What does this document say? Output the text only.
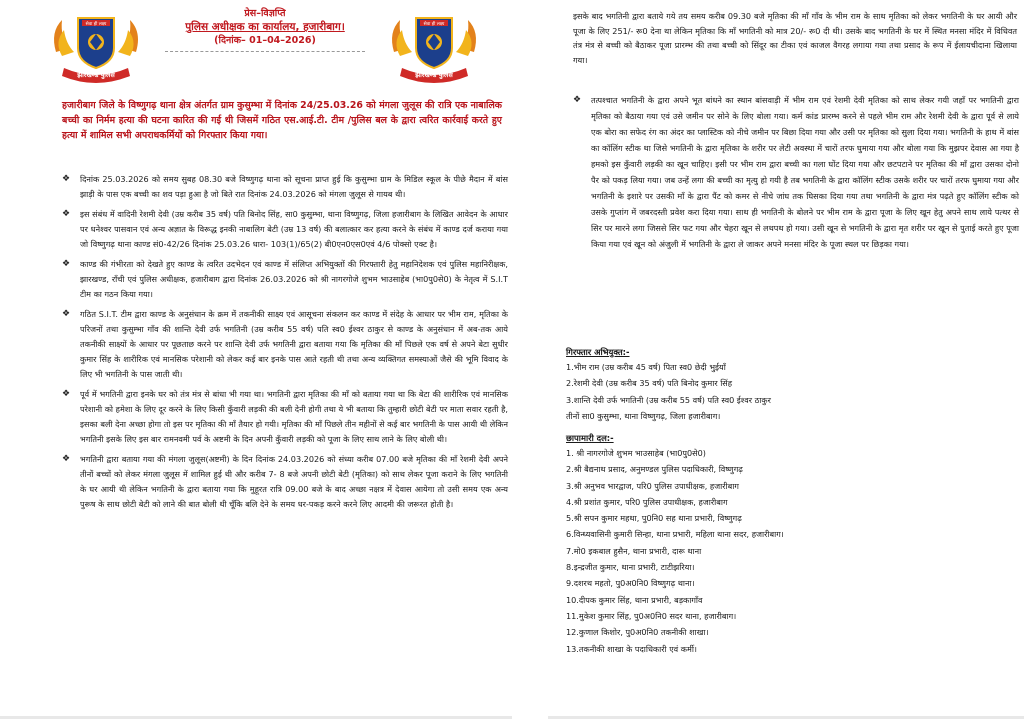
सेवा ही लक्ष्य
झारखण्ड पुलिस
प्रेस–विज्ञप्ति
पुलिस अधीक्षक का कार्यालय, हजारीबाग।
(दिनांक– 01–04–2026)
सेवा ही लक्ष्य
झारखण्ड पुलिस
हजारीबाग जिले के विष्णुगढ़ थाना क्षेत्र अंतर्गत ग्राम कुसुम्भा में दिनांक 24/25.03.26 को मंगला जुलूस की रात्रि एक नाबालिक बच्ची का निर्मम हत्या की घटना कारित की गई थी जिसमें गठित एस.आई.टी. टीम /पुलिस बल के द्वारा त्वरित कार्रवाई करते हुए हत्या में शामिल सभी अपराधकर्मियों को गिरफ्तार किया गया।
❖ दिनांक 25.03.2026 को समय सुबह 08.30 बजे विष्णुगढ़ थाना को सूचना प्राप्त हुई कि कुसुम्भा ग्राम के मिडिल स्कूल के पीछे मैदान में बांस झाड़ी के पास एक बच्ची का शव पड़ा हुआ है जो बिते रात दिनांक 24.03.2026 को मंगला जुलूस से गायब थी।
❖ इस संबंध में वादिनी रेशमी देवी (उम्र करीब 35 वर्ष) पति बिनोद सिंह, सा0 कुसुम्भा, थाना विष्णुगढ़, जिला हजारीबाग के लिखित आवेदन के आधार पर धनेश्वर पासवान एवं अन्य अज्ञात के विरूद्ध इनकी नाबालिग बेटी (उम्र 13 वर्ष) की बलात्कार कर हत्या करने के संबंध में काण्ड दर्ज कराया गया जो विष्णुगढ़ थाना काण्ड सं0-42/26 दिनांक 25.03.26 धारा- 103(1)/65(2) बी0एन0एस0एवं 4/6 पोक्सो एक्ट है।
❖ काण्ड की गंभीरता को देखते हुए काण्ड के त्वरित उदभेदन एवं काण्ड में संलिप्त अभियुक्तों की गिरफ्तारी हेतु महानिदेशक एवं पुलिस महानिरीक्षक, झारखण्ड, राँची एवं पुलिस अधीक्षक, हजारीबाग द्वारा दिनांक 26.03.2026 को श्री नागरगोजे शुभम भाउसाहेब (भा0पु0से0) के नेतृत्व में S.I.T टीम का गठन किया गया।
❖ गठित S.I.T. टीम द्वारा काण्ड के अनुसंधान के क्रम में तकनीकी साक्ष्य एवं आसूचना संकलन कर काण्ड में संदेह के आधार पर भीम राम, मृतिका के परिजनों तथा कुसुम्भा गाँव की शान्ति देवी उर्फ भगतिनी (उम्र करीब 55 वर्ष) पति स्व0 ईश्वर ठाकुर से काण्ड के अनुसंधान में अब-तक आये तकनीकी साक्ष्यों के आधार पर पूछताछ करने पर शान्ति देवी उर्फ भगतिनी द्वारा बताया गया कि मृतिका की माँ पिछले एक वर्ष से अपने बेटा सुधीर कुमार सिंह के शारीरिक एवं मानसिक परेशानी को लेकर कई बार इनके पास आते रहती थी तथा अन्य व्यक्तिगत समस्याओं जैसे की भूमि विवाद के लिए भी भगतिनी के पास जाती थी।
❖ पूर्व में भगतिनी द्वारा इनके घर को तंत्र मंत्र से बांधा भी गया था। भगतिनी द्वारा मृतिका की माँ को बताया गया था कि बेटा की शारीरिक एवं मानसिक परेशानी को हमेशा के लिए दूर करने के लिए किसी कुँवारी लड़की की बली देनी होगी तथा ये भी बताया कि तुम्हारी छोटी बेटी पर माता सवार रहती है, इसका बली देना अच्छा होगा तो इस पर मृतिका की माँ तैयार हो गयी। मृतिका की माँ पिछले तीन महीनों से कई बार भगतिनी के पास आयी थी लेकिन भगतिनी इसके लिए इस बार रामनवमी पर्व के अष्टमी के दिन अपनी कुँवारी लड़की को पूजा के लिए साथ लाने के लिए बोली थी।
❖ भगतिनी द्वारा बताया गया की मंगला जुलूस(अष्टमी) के दिन दिनांक 24.03.2026 को संध्या करीब 07.00 बजे मृतिका की माँ रेशमी देवी अपने तीनों बच्चों को लेकर मंगला जुलूस में शामिल हुई थी और करीब 7- 8 बजे अपनी छोटी बेटी (मृतिका) को साथ लेकर पूजा कराने के लिए भगतिनी के घर आयी थी लेकिन भगतिनी के द्वारा बताया गया कि मुहूरत रात्रि 09.00 बजे के बाद अच्छा नक्षत्र में देवास आयेगा तो उसी समय एक अन्य पुरूष के साथ छोटी बेटी को लाने की बात बोली थी चूँकि बलि देने के समय धर-पकड़ करने करने लिए आदमी की जरूरत होती है।

इसके बाद भगतिनी द्वारा बताये गये तय समय करीब 09.30 बजे मृतिका की माँ गाँव के भीम राम के साथ मृतिका को लेकर भगतिनी के घर आयी और पूजा के लिए 251/- रू0 देना था लेकिन मृतिका कि माँ भगतिनी को मात्र 20/- रू0 दी थी। उसके बाद भगतिनी के घर में स्थित मनसा मंदिर में विधिवत तंत्र मंत्र से बच्ची को बैठाकर पूजा प्रारम्भ की तथा बच्ची को सिंदूर का टीका एवं काजल वैगरह लगाया गया तथा प्रसाद के रूप में ईलायचीदाना खिलाया गया।

❖ तत्पश्चात भगतिनी के द्वारा अपने भूत बांधने का स्थान बांसवाड़ी में भीम राम एवं रेशमी देवी मृतिका को साथ लेकर गयी जहाँ पर भगतिनी द्वारा मृतिका को बैठाया गया एवं उसे जमीन पर सोने के लिए बोला गया। कर्म कांड प्रारम्भ करने से पहले भीम राम और रेशमी देवी के द्वारा पूर्व से लाये एक बोरा का सफेद रंग का अंदर का प्लास्टिक को नीचे जमीन पर बिछा दिया गया और उसी पर मृतिका को सुला दिया गया। भगतिनी के हाथ में बांस का कॉलिंग स्टीक था जिसे भगतिनी के द्वारा मृतिका के शरीर पर लेटी अवस्था में चारों तरफ घुमाया गया और बोला गया कि मुझपर देवास आ गया है हमको इस कुँवारी लड़की का खून चाहिए। इसी पर भीम राम द्वारा बच्ची का गला घोंट दिया गया और छटपटाने पर मृतिका की माँ द्वारा उसका दोनो पैर को पकड़ लिया गया। जब उन्हें लगा की बच्ची का मृत्यु हो गयी है तब भगतिनी के द्वारा कॉलिंग स्टीक उसके शरीर पर चारों तरफ घुमाया गया और भगतिनी के इशारे पर उसकी माँ के द्वारा पैंट को कमर से नीचे जांघ तक घिसका दिया गया तथा भगतिनी के द्वारा मंत्र पढ़ते हुए कॉलिंग स्टीक को उसके गुप्तांग में जबरदस्ती प्रवेश करा दिया गया। साथ ही भगतिनी के बोलने पर भीम राम के द्वारा पूजा के लिए खून हेतु अपने साथ लाये पत्थर से सिर पर मारने लगा जिससे सिर फट गया और चेहरा खून से लथपथ हो गया। उसी खून से भगतिनी के द्वारा मृत शरीर पर खून से पुताई करते हुए पूजा किया गया एवं खून को अंजुली में भगतिनी के द्वारा ले जाकर अपने मनसा मंदिर के पूजा स्थल पर छिड़का गया।

गिरफ्तार अभियुक्त:-

1.भीम राम (उम्र करीब 45 वर्ष) पिता स्व0 छेदी भुईयाँ
2.रेशमी देवी (उम्र करीब 35 वर्ष) पति बिनोद कुमार सिंह
3.शान्ति देवी उर्फ भगतिनी (उम्र करीब 55 वर्ष) पति स्व0 ईश्वर ठाकुर
तीनों सा0 कुसुम्भा, थाना विष्णुगढ़, जिला हजारीबाग।

छापामारी दल:-

1. श्री नागरगोजे शुभम भाउसाहेब (भा0पु0से0)
2.श्री बैद्यनाथ प्रसाद, अनुमण्डल पुलिस पदाधिकारी, विष्णुगढ़
3.श्री अनुभव भारद्वाज, परि0 पुलिस उपाधीक्षक, हजारीबाग
4.श्री प्रशांत कुमार, परि0 पुलिस उपाधीक्षक, हजारीबाग
5.श्री सपन कुमार महथा, पु0नि0 सह थाना प्रभारी, विष्णुगढ़
6.विन्ध्यवासिनी कुमारी सिन्हा, थाना प्रभारी, महिला थाना सदर, हजारीबाग।
7.मो0 इकबाल हुसैन, थाना प्रभारी, दारू थाना
8.इन्द्रजीत कुमार, थाना प्रभारी, टाटीझरिया।
9.दशरथ महतो, पु0अ0नि0 विष्णुगढ़ थाना।
10.दीपक कुमार सिंह, थाना प्रभारी, बड़कागाँव
11.मुकेश कुमार सिंह, पु0अ0नि0 सदर थाना, हजारीबाग।
12.कुणाल किशोर, पु0अ0नि0 तकनीकी शाखा।
13.तकनीकी शाखा के पदाधिकारी एवं कर्मी।
